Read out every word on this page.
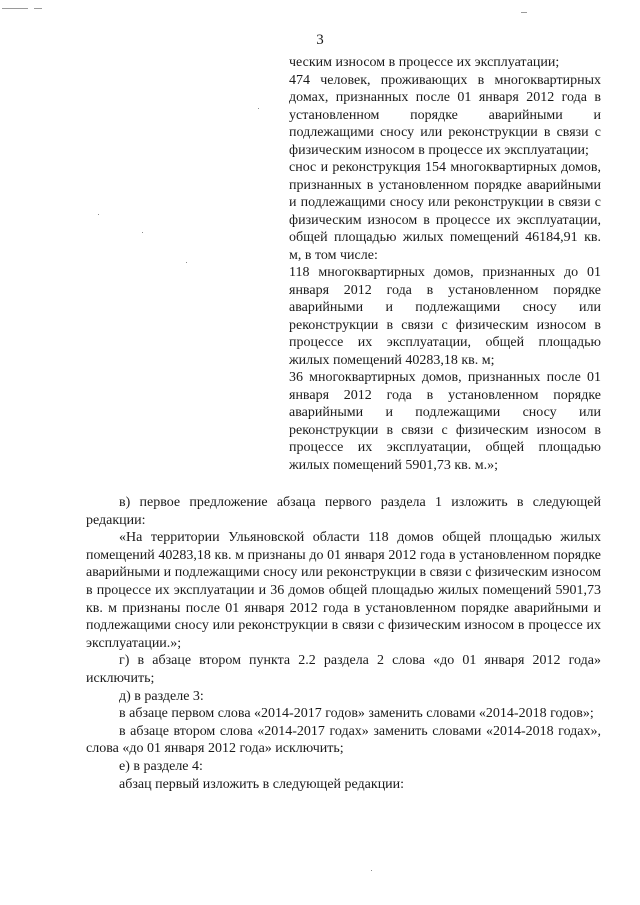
3

ческим износом в процессе их эксплуатации;

474 человек, проживающих в многоквартирных домах, признанных после 01 января 2012 года в установленном порядке аварийными и подлежащими сносу или реконструкции в связи с физическим износом в процессе их эксплуатации;

снос и реконструкция 154 многоквартирных домов, признанных в установленном порядке аварийными и подлежащими сносу или реконструкции в связи с физическим износом в процессе их эксплуатации, общей площадью жилых помещений 46184,91 кв. м, в том числе:

118 многоквартирных домов, признанных до 01 января 2012 года в установленном порядке аварийными и подлежащими сносу или реконструкции в связи с физическим износом в процессе их эксплуатации, общей площадью жилых помещений 40283,18 кв. м;

36 многоквартирных домов, признанных после 01 января 2012 года в установленном порядке аварийными и подлежащими сносу или реконструкции в связи с физическим износом в процессе их эксплуатации, общей площадью жилых помещений 5901,73 кв. м.»;

в) первое предложение абзаца первого раздела 1 изложить в следующей редакции:

«На территории Ульяновской области 118 домов общей площадью жилых помещений 40283,18 кв. м признаны до 01 января 2012 года в установленном порядке аварийными и подлежащими сносу или реконструкции в связи с физическим износом в процессе их эксплуатации и 36 домов общей площадью жилых помещений 5901,73 кв. м признаны после 01 января 2012 года в установленном порядке аварийными и подлежащими сносу или реконструкции в связи с физическим износом в процессе их эксплуатации.»;

г) в абзаце втором пункта 2.2 раздела 2 слова «до 01 января 2012 года» исключить;

д) в разделе 3:

в абзаце первом слова «2014-2017 годов» заменить словами «2014-2018 годов»;

в абзаце втором слова «2014-2017 годах» заменить словами «2014-2018 годах», слова «до 01 января 2012 года» исключить;

е) в разделе 4:

абзац первый изложить в следующей редакции:
